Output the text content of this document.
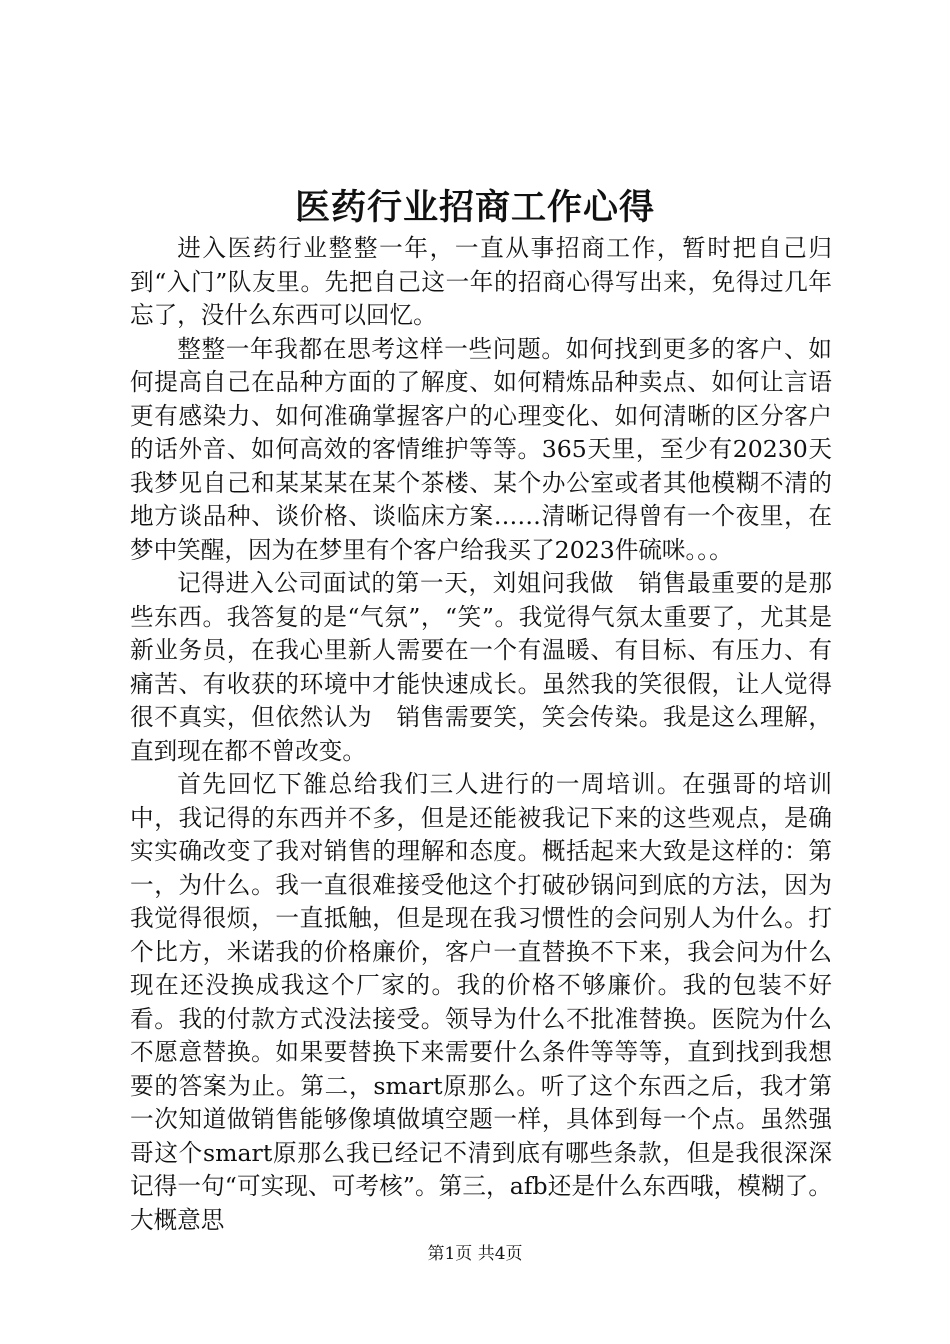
医药行业招商工作心得

进入医药行业整整一年，一直从事招商工作，暂时把自己归到“入门”队友里。先把自己这一年的招商心得写出来，免得过几年忘了，没什么东西可以回忆。

整整一年我都在思考这样一些问题。如何找到更多的客户、如何提高自己在品种方面的了解度、如何精炼品种卖点、如何让言语更有感染力、如何准确掌握客户的心理变化、如何清晰的区分客户的话外音、如何高效的客情维护等等。365天里，至少有20230天我梦见自己和某某某在某个茶楼、某个办公室或者其他模糊不清的地方谈品种、谈价格、谈临床方案……清晰记得曾有一个夜里，在梦中笑醒，因为在梦里有个客户给我买了2023件硫咪。。。

记得进入公司面试的第一天，刘姐问我做　销售最重要的是那些东西。我答复的是“气氛”，“笑”。我觉得气氛太重要了，尤其是新业务员，在我心里新人需要在一个有温暖、有目标、有压力、有痛苦、有收获的环境中才能快速成长。虽然我的笑很假，让人觉得很不真实，但依然认为　销售需要笑，笑会传染。我是这么理解，直到现在都不曾改变。

首先回忆下雒总给我们三人进行的一周培训。在强哥的培训中，我记得的东西并不多，但是还能被我记下来的这些观点，是确实实确改变了我对销售的理解和态度。概括起来大致是这样的：第一，为什么。我一直很难接受他这个打破砂锅问到底的方法，因为我觉得很烦，一直抵触，但是现在我习惯性的会问别人为什么。打个比方，米诺我的价格廉价，客户一直替换不下来，我会问为什么现在还没换成我这个厂家的。我的价格不够廉价。我的包装不好看。我的付款方式没法接受。领导为什么不批准替换。医院为什么不愿意替换。如果要替换下来需要什么条件等等等，直到找到我想要的答案为止。第二，smart原那么。听了这个东西之后，我才第一次知道做销售能够像填做填空题一样，具体到每一个点。虽然强哥这个smart原那么我已经记不清到底有哪些条款，但是我很深深记得一句“可实现、可考核”。第三，afb还是什么东西哦，模糊了。大概意思

第1页 共4页
